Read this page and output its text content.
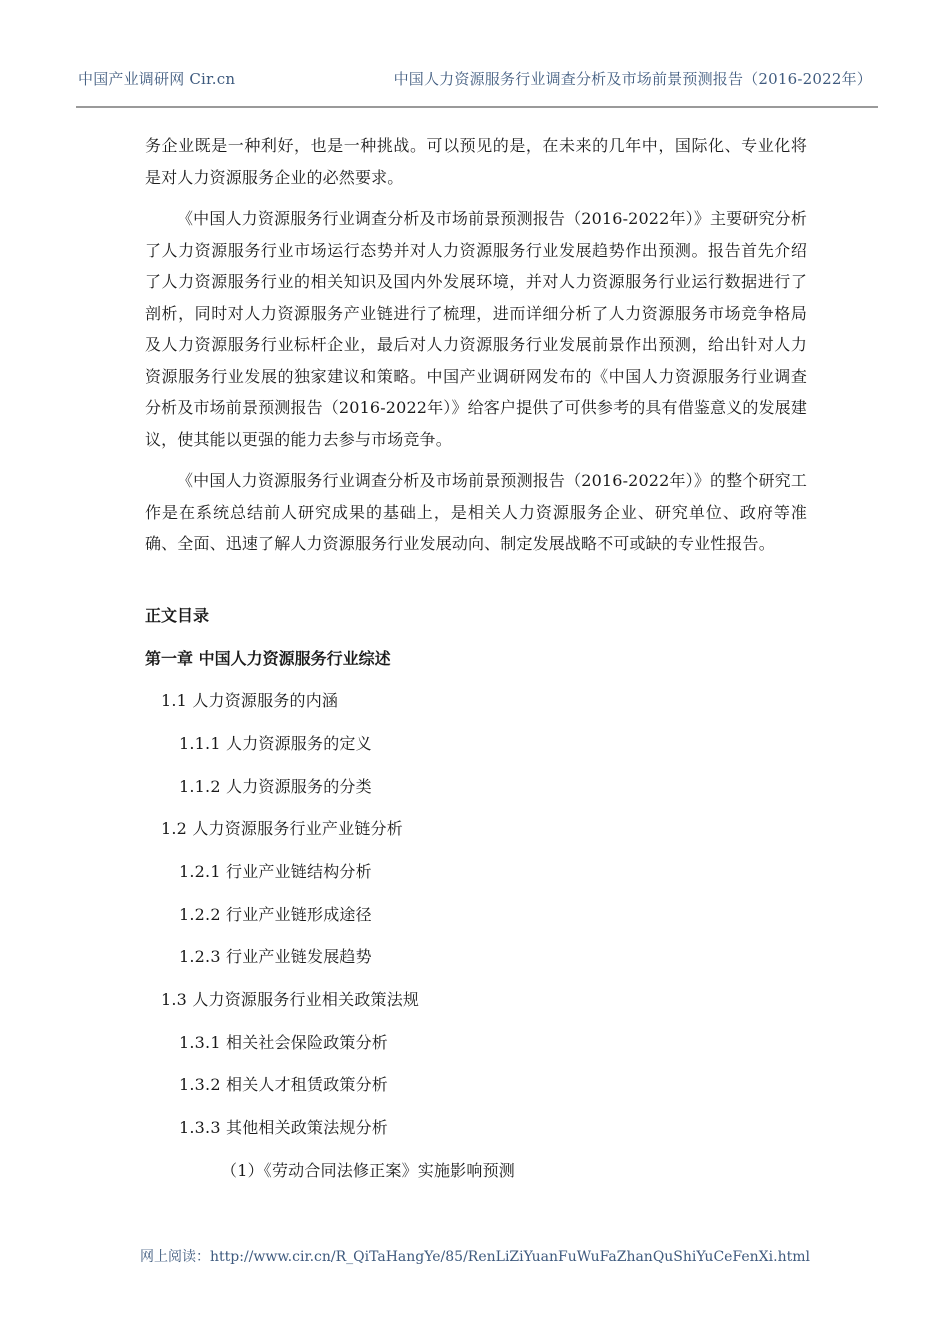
中国产业调研网 Cir.cn	中国人力资源服务行业调查分析及市场前景预测报告（2016-2022年）

务企业既是一种利好，也是一种挑战。可以预见的是，在未来的几年中，国际化、专业化将是对人力资源服务企业的必然要求。

《中国人力资源服务行业调查分析及市场前景预测报告（2016-2022年）》主要研究分析了人力资源服务行业市场运行态势并对人力资源服务行业发展趋势作出预测。报告首先介绍了人力资源服务行业的相关知识及国内外发展环境，并对人力资源服务行业运行数据进行了剖析，同时对人力资源服务产业链进行了梳理，进而详细分析了人力资源服务市场竞争格局及人力资源服务行业标杆企业，最后对人力资源服务行业发展前景作出预测，给出针对人力资源服务行业发展的独家建议和策略。中国产业调研网发布的《中国人力资源服务行业调查分析及市场前景预测报告（2016-2022年）》给客户提供了可供参考的具有借鉴意义的发展建议，使其能以更强的能力去参与市场竞争。

《中国人力资源服务行业调查分析及市场前景预测报告（2016-2022年）》的整个研究工作是在系统总结前人研究成果的基础上，是相关人力资源服务企业、研究单位、政府等准确、全面、迅速了解人力资源服务行业发展动向、制定发展战略不可或缺的专业性报告。

正文目录
第一章 中国人力资源服务行业综述
1.1 人力资源服务的内涵
1.1.1 人力资源服务的定义
1.1.2 人力资源服务的分类
1.2 人力资源服务行业产业链分析
1.2.1 行业产业链结构分析
1.2.2 行业产业链形成途径
1.2.3 行业产业链发展趋势
1.3 人力资源服务行业相关政策法规
1.3.1 相关社会保险政策分析
1.3.2 相关人才租赁政策分析
1.3.3 其他相关政策法规分析
（1）《劳动合同法修正案》实施影响预测
网上阅读：http://www.cir.cn/R_QiTaHangYe/85/RenLiZiYuanFuWuFaZhanQuShiYuCeFenXi.html
